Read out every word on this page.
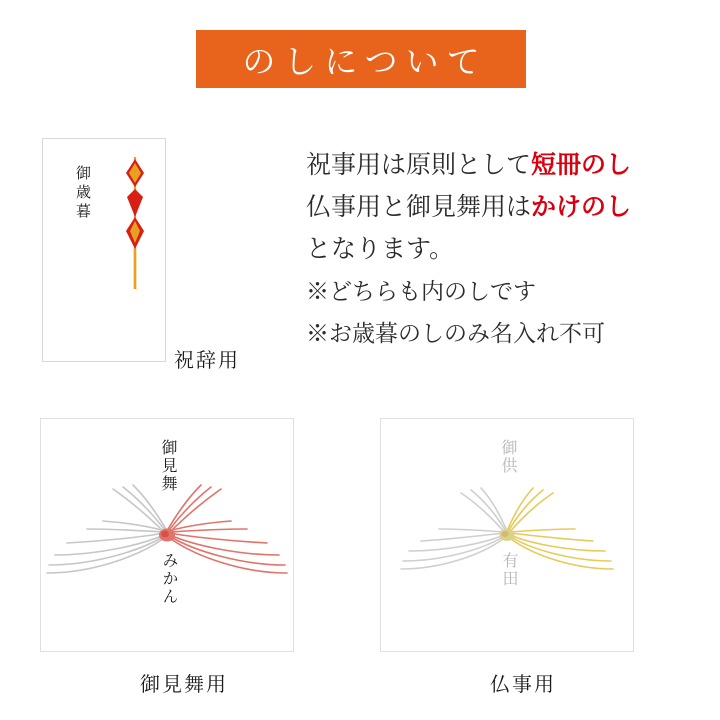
のしについて
祝事用は原則として短冊のし
仏事用と御見舞用はかけのし
となります。
※どちらも内のしです
※お歳暮のしのみ名入れ不可
御歳暮
祝辞用
御見舞
みかん
御見舞用
御供
有田
仏事用
